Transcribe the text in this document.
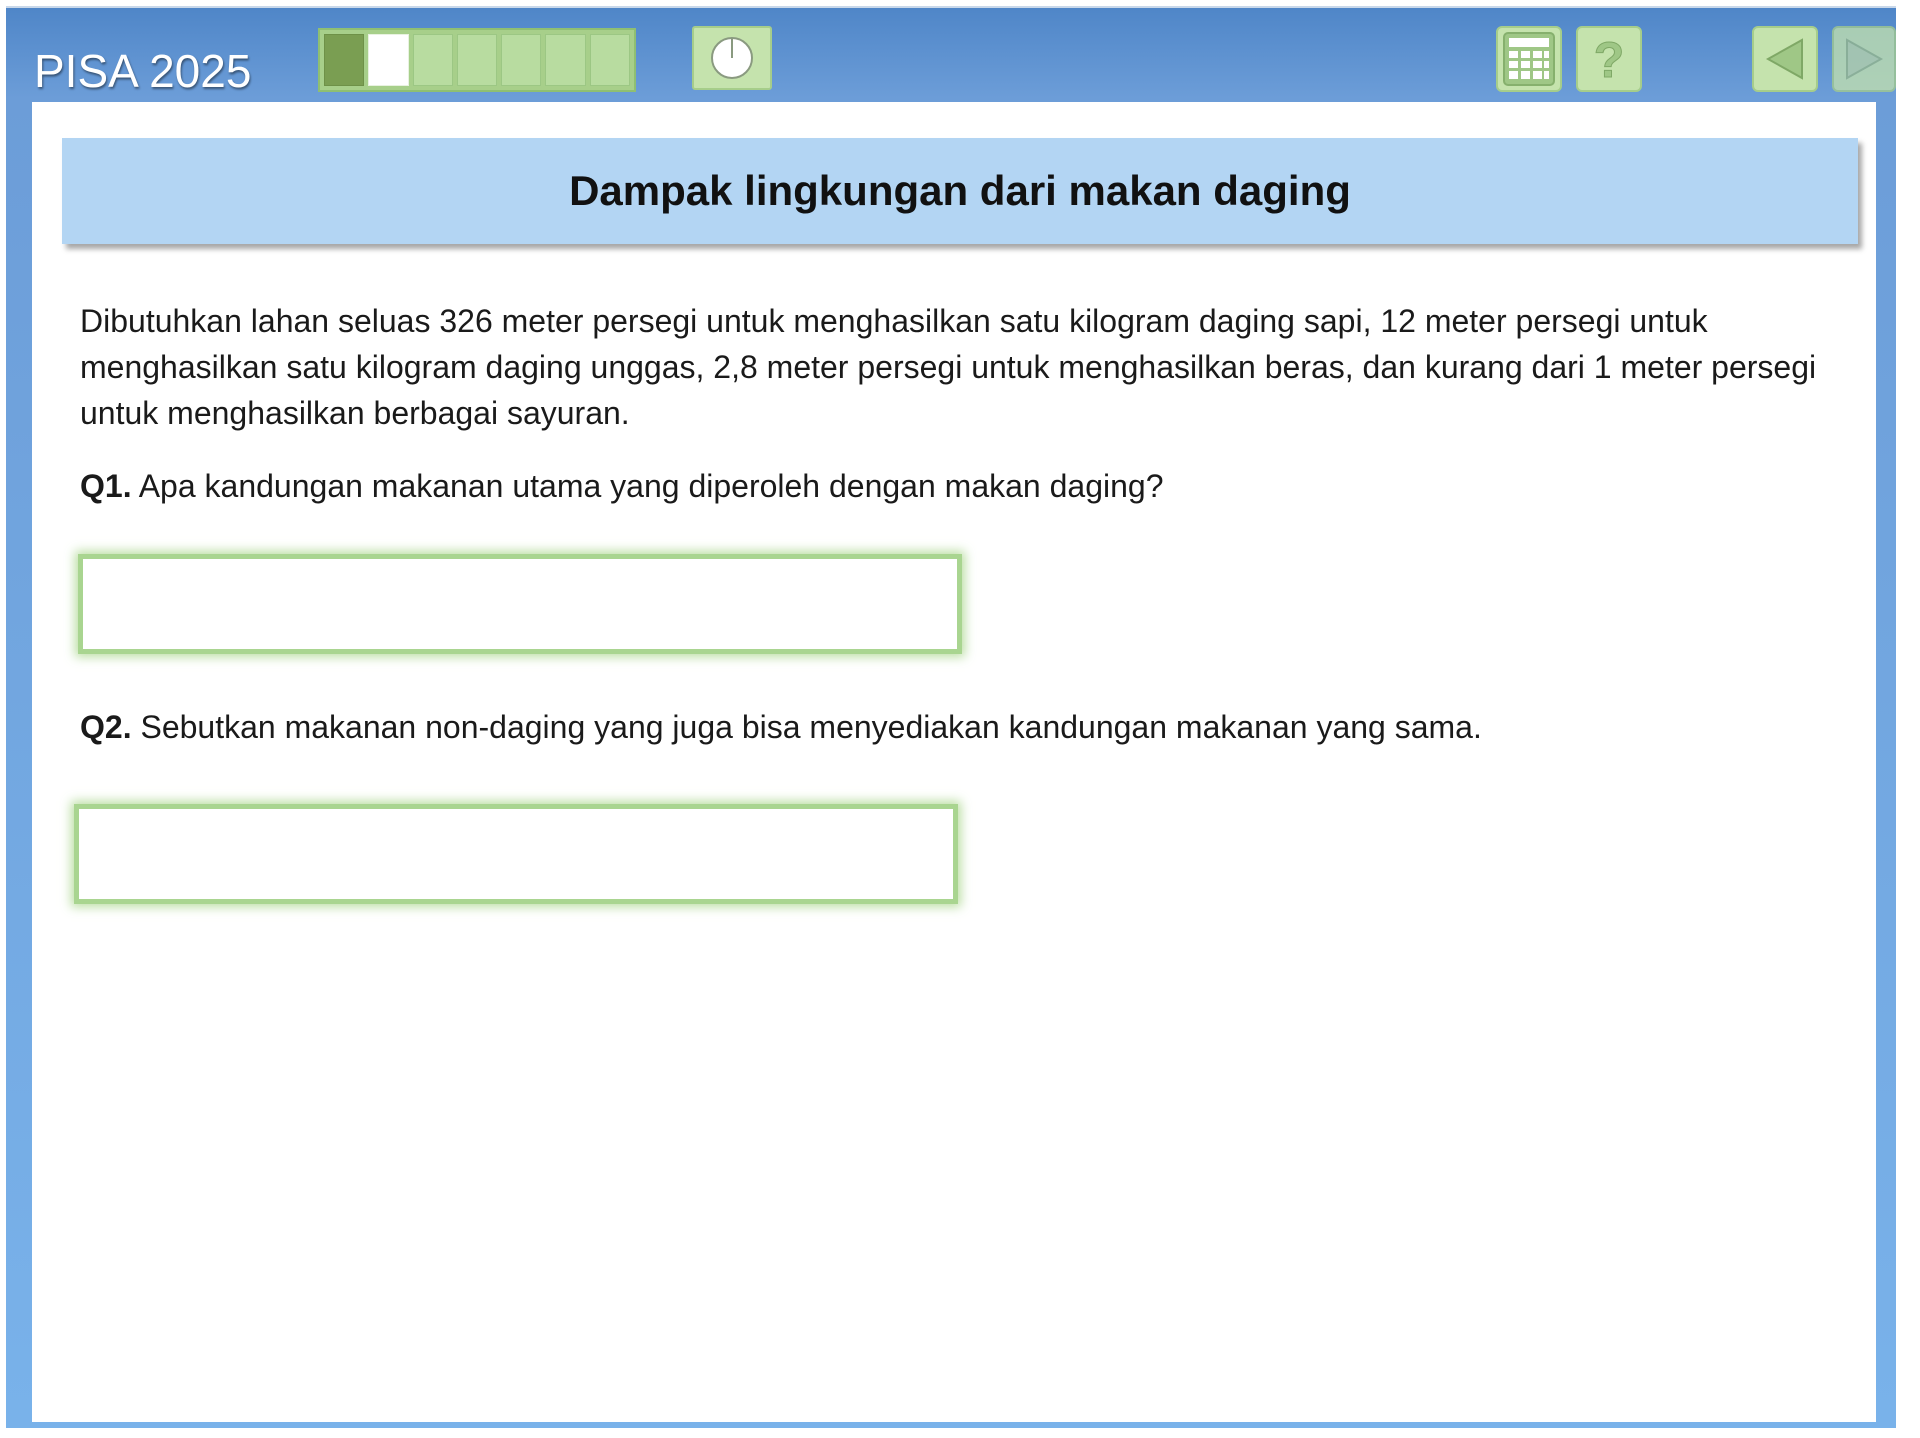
PISA 2025	?
Dampak lingkungan dari makan daging

Dibutuhkan lahan seluas 326 meter persegi untuk menghasilkan satu kilogram daging sapi, 12 meter persegi untuk menghasilkan satu kilogram daging unggas, 2,8 meter persegi untuk menghasilkan beras, dan kurang dari 1 meter persegi untuk menghasilkan berbagai sayuran.

Q1. Apa kandungan makanan utama yang diperoleh dengan makan daging?

Q2. Sebutkan makanan non-daging yang juga bisa menyediakan kandungan makanan yang sama.
